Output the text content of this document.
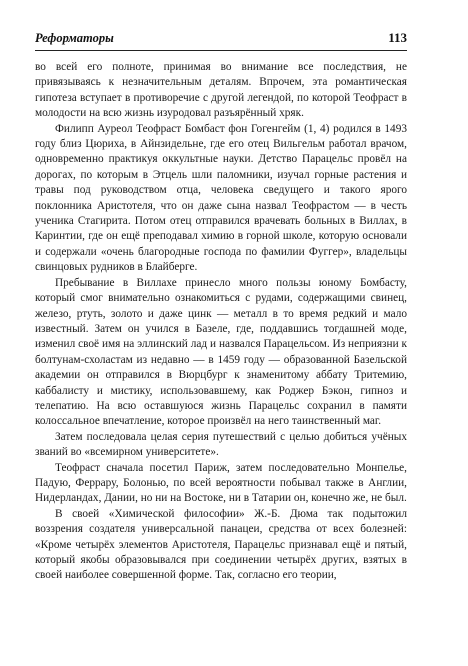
Реформаторы	113

во всей его полноте, принимая во внимание все последствия, не привязываясь к незначительным деталям. Впрочем, эта романтическая гипотеза вступает в противоречие с другой легендой, по которой Теофраст в молодости на всю жизнь изуродовал разъярённый хряк.

Филипп Ауреол Теофраст Бомбаст фон Гогенгейм (1, 4) родился в 1493 году близ Цюриха, в Айнзидельне, где его отец Вильгельм работал врачом, одновременно практикуя оккультные науки. Детство Парацельс провёл на дорогах, по которым в Этцель шли паломники, изучал горные растения и травы под руководством отца, человека сведущего и такого ярого поклонника Аристотеля, что он даже сына назвал Теофрастом — в честь ученика Стагирита. Потом отец отправился врачевать больных в Виллах, в Каринтии, где он ещё преподавал химию в горной школе, которую основали и содержали «очень благородные господа по фамилии Фуггер», владельцы свинцовых рудников в Блайберге.

Пребывание в Виллахе принесло много пользы юному Бомбасту, который смог внимательно ознакомиться с рудами, содержащими свинец, железо, ртуть, золото и даже цинк — металл в то время редкий и мало известный. Затем он учился в Базеле, где, поддавшись тогдашней моде, изменил своё имя на эллинский лад и назвался Парацельсом. Из неприязни к болтунам-схоластам из недавно — в 1459 году — образованной Базельской академии он отправился в Вюрцбург к знаменитому аббату Тритемию, каббалисту и мистику, использовавшему, как Роджер Бэкон, гипноз и телепатию. На всю оставшуюся жизнь Парацельс сохранил в памяти колоссальное впечатление, которое произвёл на него таинственный маг.

Затем последовала целая серия путешествий с целью добиться учёных званий во «всемирном университете».

Теофраст сначала посетил Париж, затем последовательно Монпелье, Падую, Феррару, Болонью, по всей вероятности побывал также в Англии, Нидерландах, Дании, но ни на Востоке, ни в Татарии он, конечно же, не был.

В своей «Химической философии» Ж.-Б. Дюма так подытожил воззрения создателя универсальной панацеи, средства от всех болезней: «Кроме четырёх элементов Аристотеля, Парацельс признавал ещё и пятый, который якобы образовывался при соединении четырёх других, взятых в своей наиболее совершенной форме. Так, согласно его теории,
